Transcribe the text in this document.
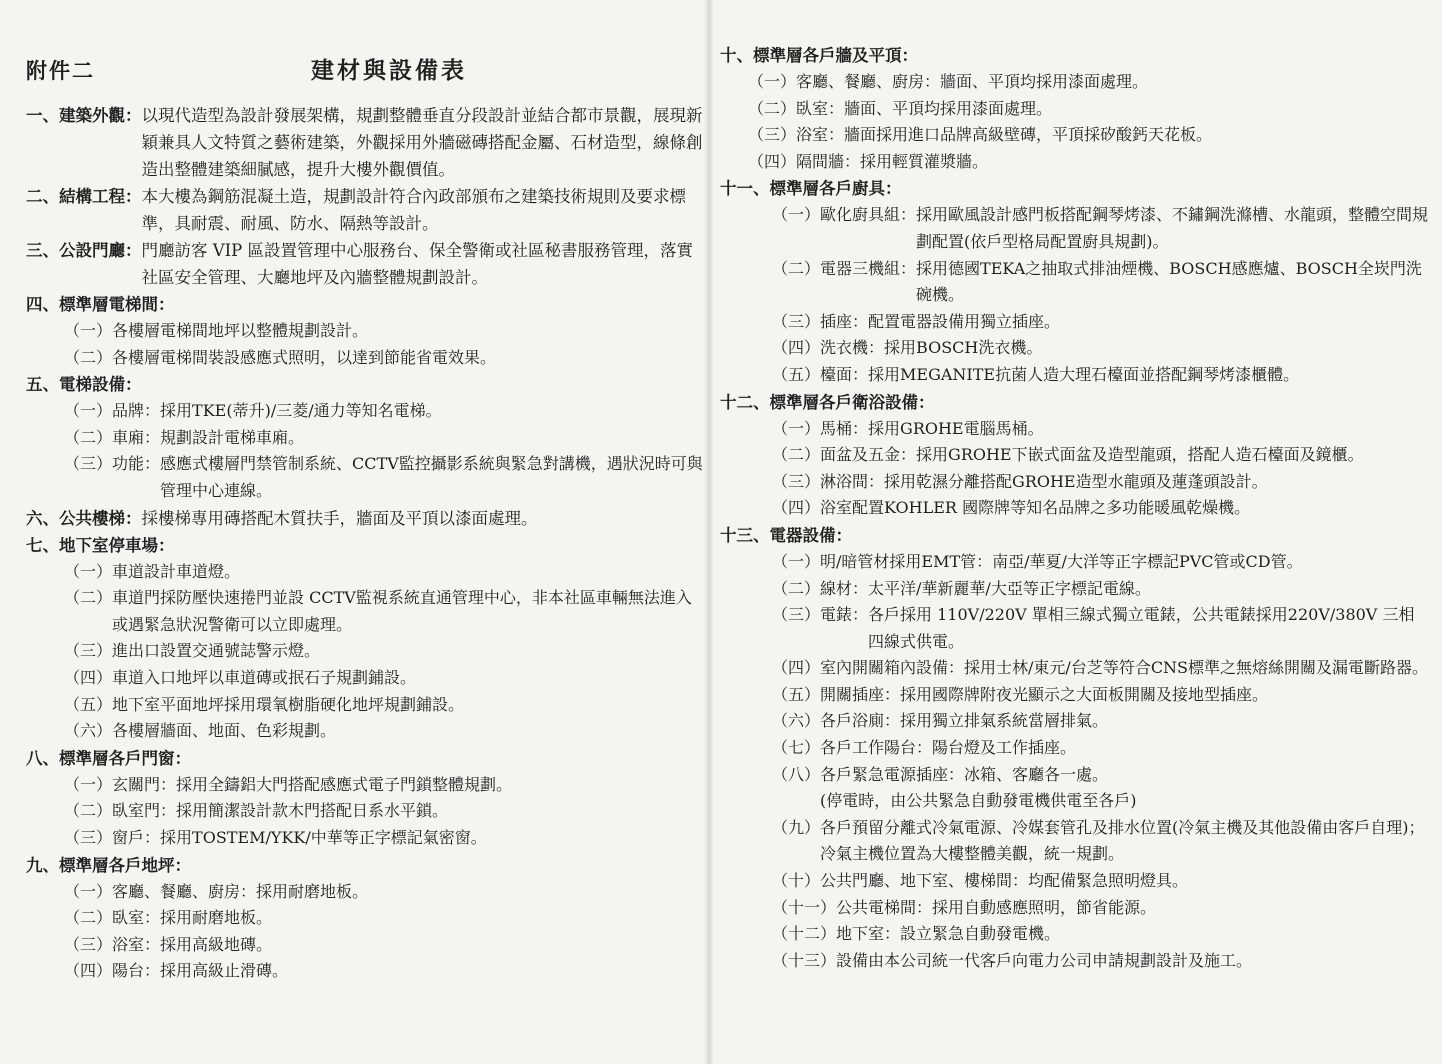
附件二	建材與設備表
一、 建築外觀： 以現代造型為設計發展架構，規劃整體垂直分段設計並結合都市景觀，展現新穎兼具人文特質之藝術建築，外觀採用外牆磁磚搭配金屬、石材造型，線條創造出整體建築細膩感，提升大樓外觀價值。
二、 結構工程： 本大樓為鋼筋混凝土造，規劃設計符合內政部頒布之建築技術規則及要求標準，具耐震、耐風、防水、隔熱等設計。
三、 公設門廳： 門廳訪客 VIP 區設置管理中心服務台、保全警衛或社區秘書服務管理，落實社區安全管理、大廳地坪及內牆整體規劃設計。
四、 標準層電梯間：
（一） 各樓層電梯間地坪以整體規劃設計。
（二） 各樓層電梯間裝設感應式照明，以達到節能省電效果。
五、 電梯設備：
（一） 品牌： 採用TKE(蒂升)/三菱/通力等知名電梯。
（二） 車廂： 規劃設計電梯車廂。
（三） 功能： 感應式樓層門禁管制系統、CCTV監控攝影系統與緊急對講機，遇狀況時可與管理中心連線。
六、 公共樓梯： 採樓梯專用磚搭配木質扶手，牆面及平頂以漆面處理。
七、 地下室停車場：
（一） 車道設計車道燈。
（二） 車道門採防壓快速捲門並設 CCTV監視系統直通管理中心，非本社區車輛無法進入或遇緊急狀況警衛可以立即處理。
（三） 進出口設置交通號誌警示燈。
（四） 車道入口地坪以車道磚或抿石子規劃鋪設。
（五） 地下室平面地坪採用環氧樹脂硬化地坪規劃鋪設。
（六） 各樓層牆面、地面、色彩規劃。
八、 標準層各戶門窗：
（一） 玄關門： 採用全鑄鋁大門搭配感應式電子門鎖整體規劃。
（二） 臥室門： 採用簡潔設計款木門搭配日系水平鎖。
（三） 窗戶： 採用TOSTEM/YKK/中華等正字標記氣密窗。
九、 標準層各戶地坪：
（一） 客廳、餐廳、廚房： 採用耐磨地板。
（二） 臥室： 採用耐磨地板。
（三） 浴室： 採用高級地磚。
（四） 陽台： 採用高級止滑磚。
十、 標準層各戶牆及平頂：
（一） 客廳、餐廳、廚房： 牆面、平頂均採用漆面處理。
（二） 臥室： 牆面、平頂均採用漆面處理。
（三） 浴室： 牆面採用進口品牌高級壁磚，平頂採矽酸鈣天花板。
（四） 隔間牆： 採用輕質灌漿牆。
十一、 標準層各戶廚具：
（一） 歐化廚具組： 採用歐風設計感門板搭配鋼琴烤漆、不鏽鋼洗滌槽、水龍頭，整體空間規劃配置(依戶型格局配置廚具規劃)。
（二） 電器三機組： 採用德國TEKA之抽取式排油煙機、BOSCH感應爐、BOSCH全崁門洗碗機。
（三） 插座： 配置電器設備用獨立插座。
（四） 洗衣機： 採用BOSCH洗衣機。
（五） 檯面： 採用MEGANITE抗菌人造大理石檯面並搭配鋼琴烤漆櫃體。
十二、 標準層各戶衛浴設備：
（一） 馬桶： 採用GROHE電腦馬桶。
（二） 面盆及五金： 採用GROHE下嵌式面盆及造型龍頭，搭配人造石檯面及鏡櫃。
（三） 淋浴間： 採用乾濕分離搭配GROHE造型水龍頭及蓮蓬頭設計。
（四） 浴室配置 KOHLER 國際牌等知名品牌之多功能暖風乾燥機。
十三、 電器設備：
（一） 明/暗管材採用EMT管： 南亞/華夏/大洋等正字標記PVC管或CD管。
（二） 線材： 太平洋/華新麗華/大亞等正字標記電線。
（三） 電錶： 各戶採用 110V/220V 單相三線式獨立電錶，公共電錶採用220V/380V 三相四線式供電。
（四） 室內開關箱內設備： 採用士林/東元/台芝等符合CNS標準之無熔絲開關及漏電斷路器。
（五） 開關插座： 採用國際牌附夜光顯示之大面板開關及接地型插座。
（六） 各戶浴廁： 採用獨立排氣系統當層排氣。
（七） 各戶工作陽台： 陽台燈及工作插座。
（八） 各戶緊急電源插座： 冰箱、客廳各一處。
(停電時，由公共緊急自動發電機供電至各戶)
（九） 各戶預留分離式冷氣電源、冷媒套管孔及排水位置(冷氣主機及其他設備由客戶自理)；冷氣主機位置為大樓整體美觀，統一規劃。
（十） 公共門廳、地下室、樓梯間：均配備緊急照明燈具。
（十一） 公共電梯間：採用自動感應照明，節省能源。
（十二） 地下室：設立緊急自動發電機。
（十三） 設備由本公司統一代客戶向電力公司申請規劃設計及施工。
